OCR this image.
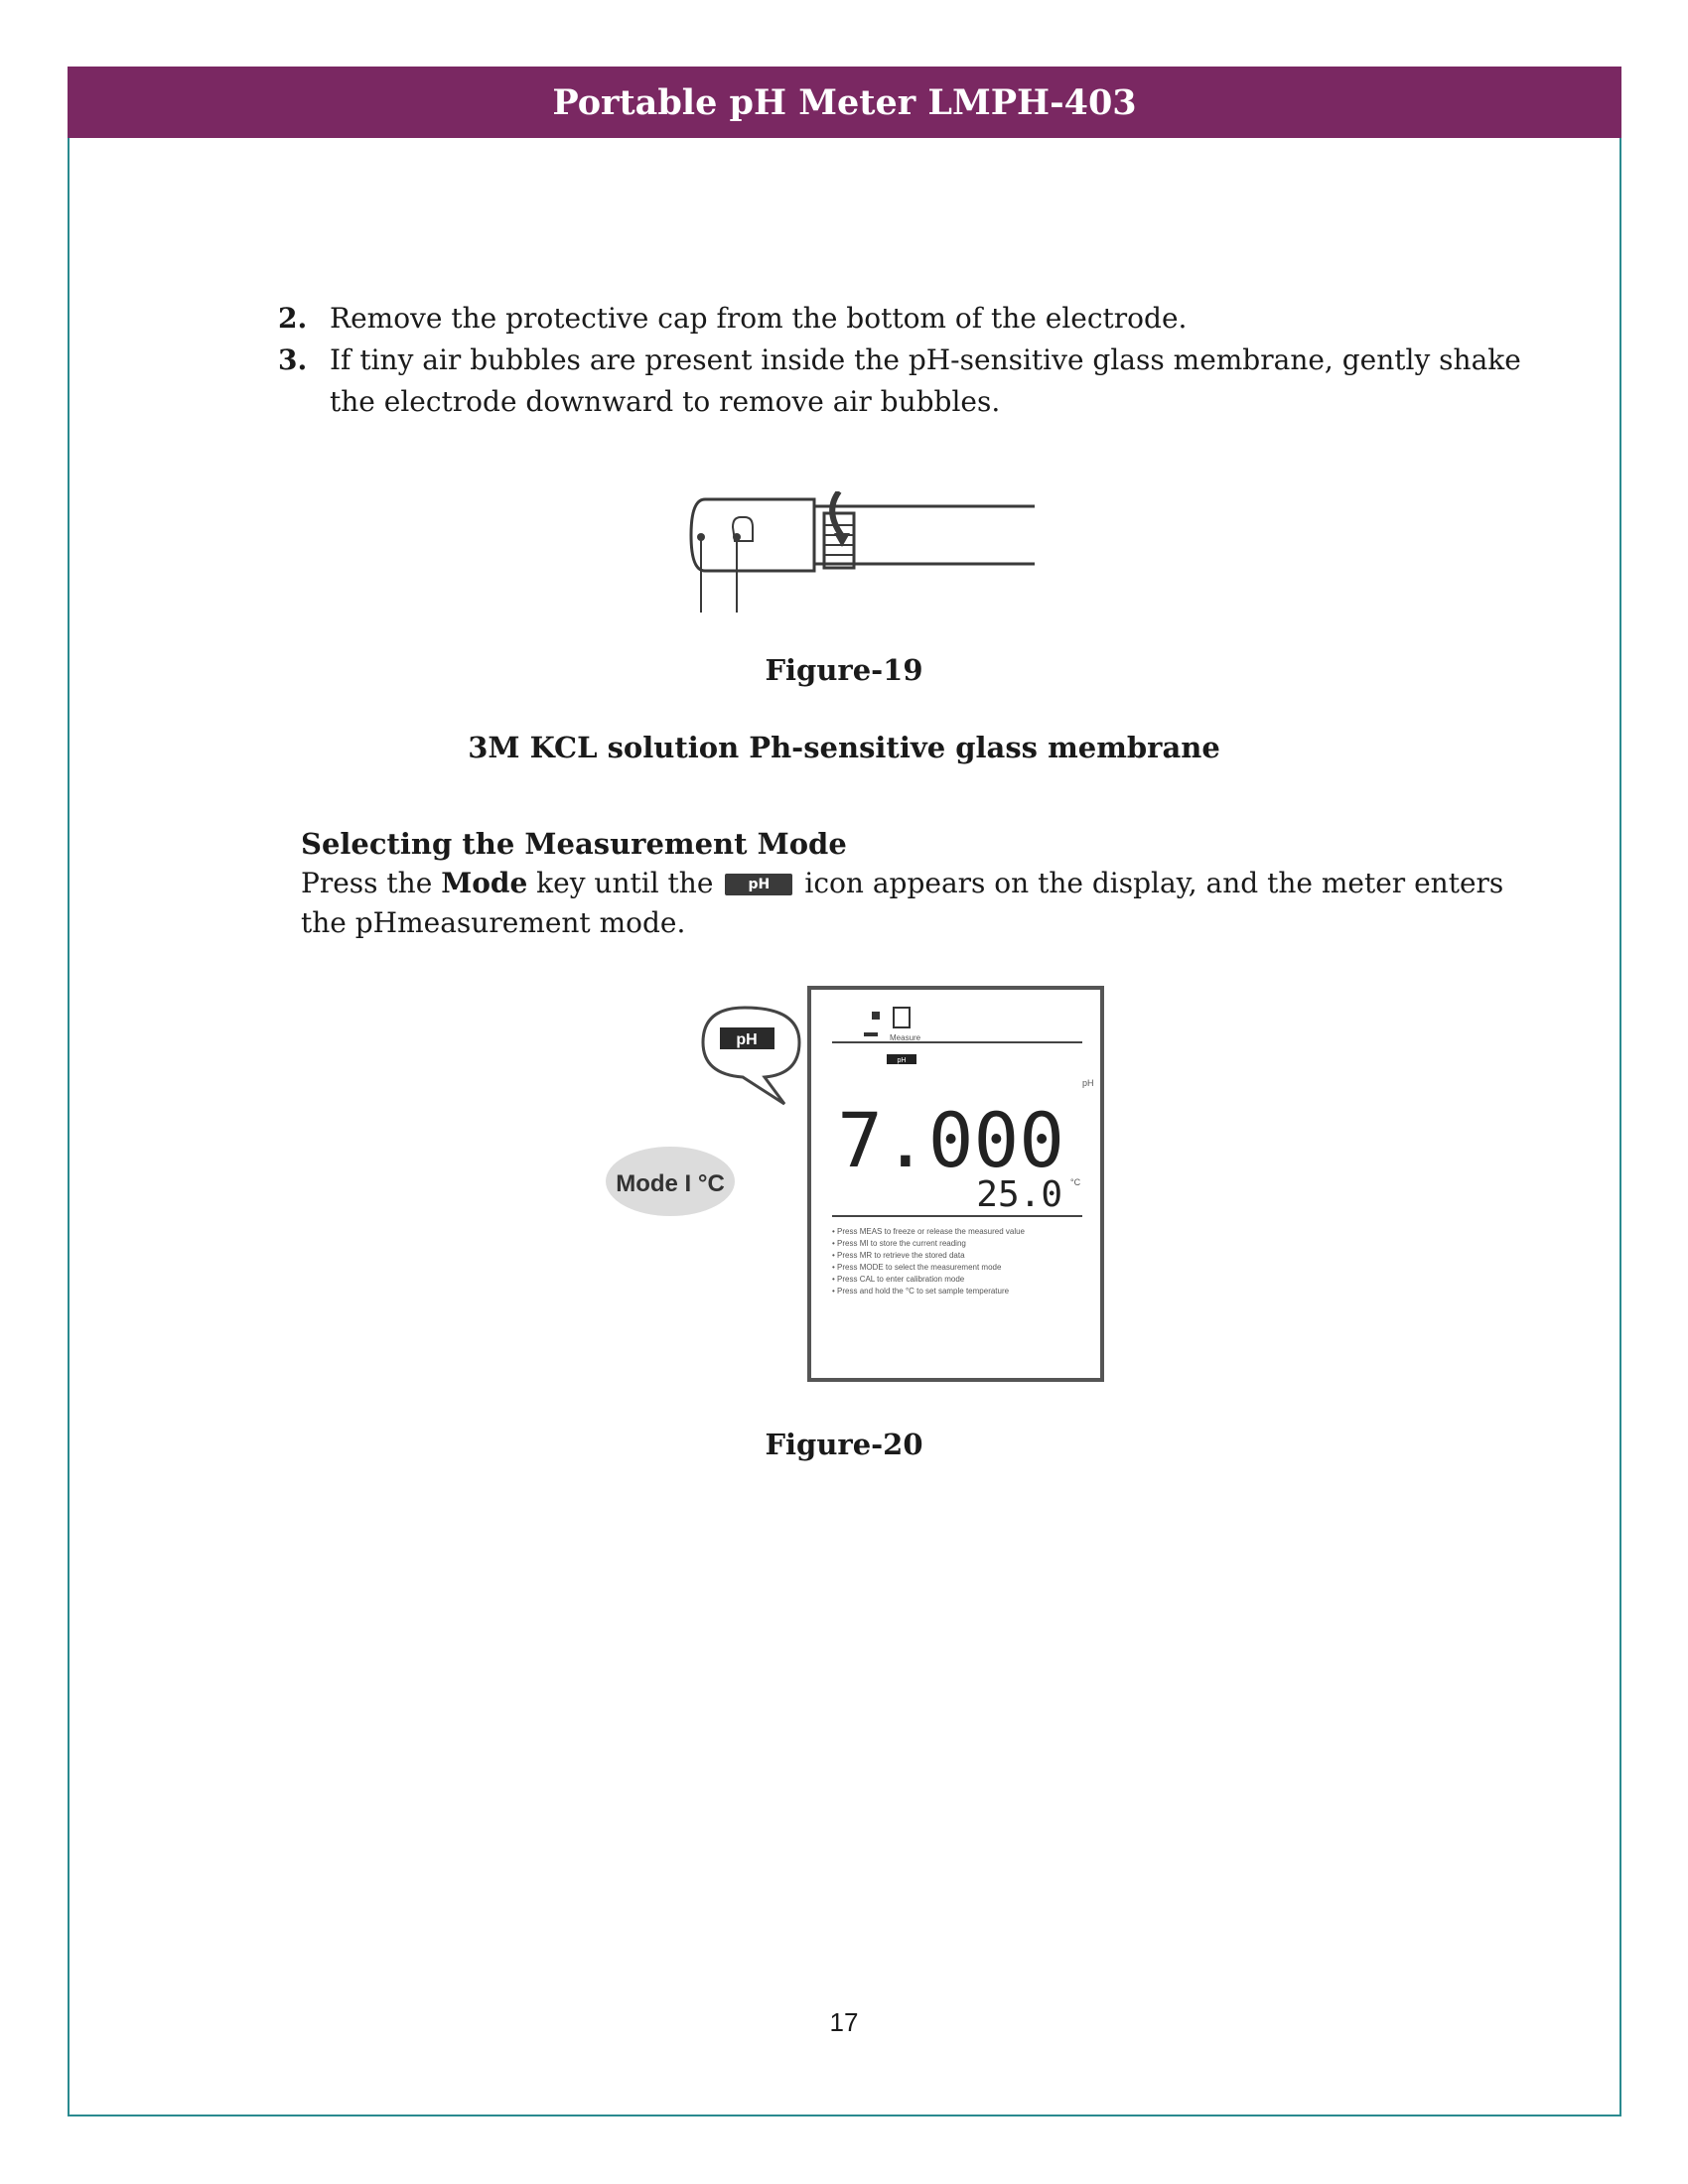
Portable pH Meter LMPH-403
2. Remove the protective cap from the bottom of the electrode.
3. If tiny air bubbles are present inside the pH-sensitive glass membrane, gently shake the electrode downward to remove air bubbles.
Figure-19
3M KCL solution Ph-sensitive glass membrane
Selecting the Measurement Mode
Press the Mode key until the	pH icon appears on the display, and the meter enters the pHmeasurement mode.
Mode I °C
pH	Measure
pH
pH
7.000
25.0 °C
• Press MEAS to freeze or release the measured value
• Press MI to store the current reading
• Press MR to retrieve the stored data
• Press MODE to select the measurement mode
• Press CAL to enter calibration mode
• Press and hold the °C to set sample temperature
Figure-20
17
